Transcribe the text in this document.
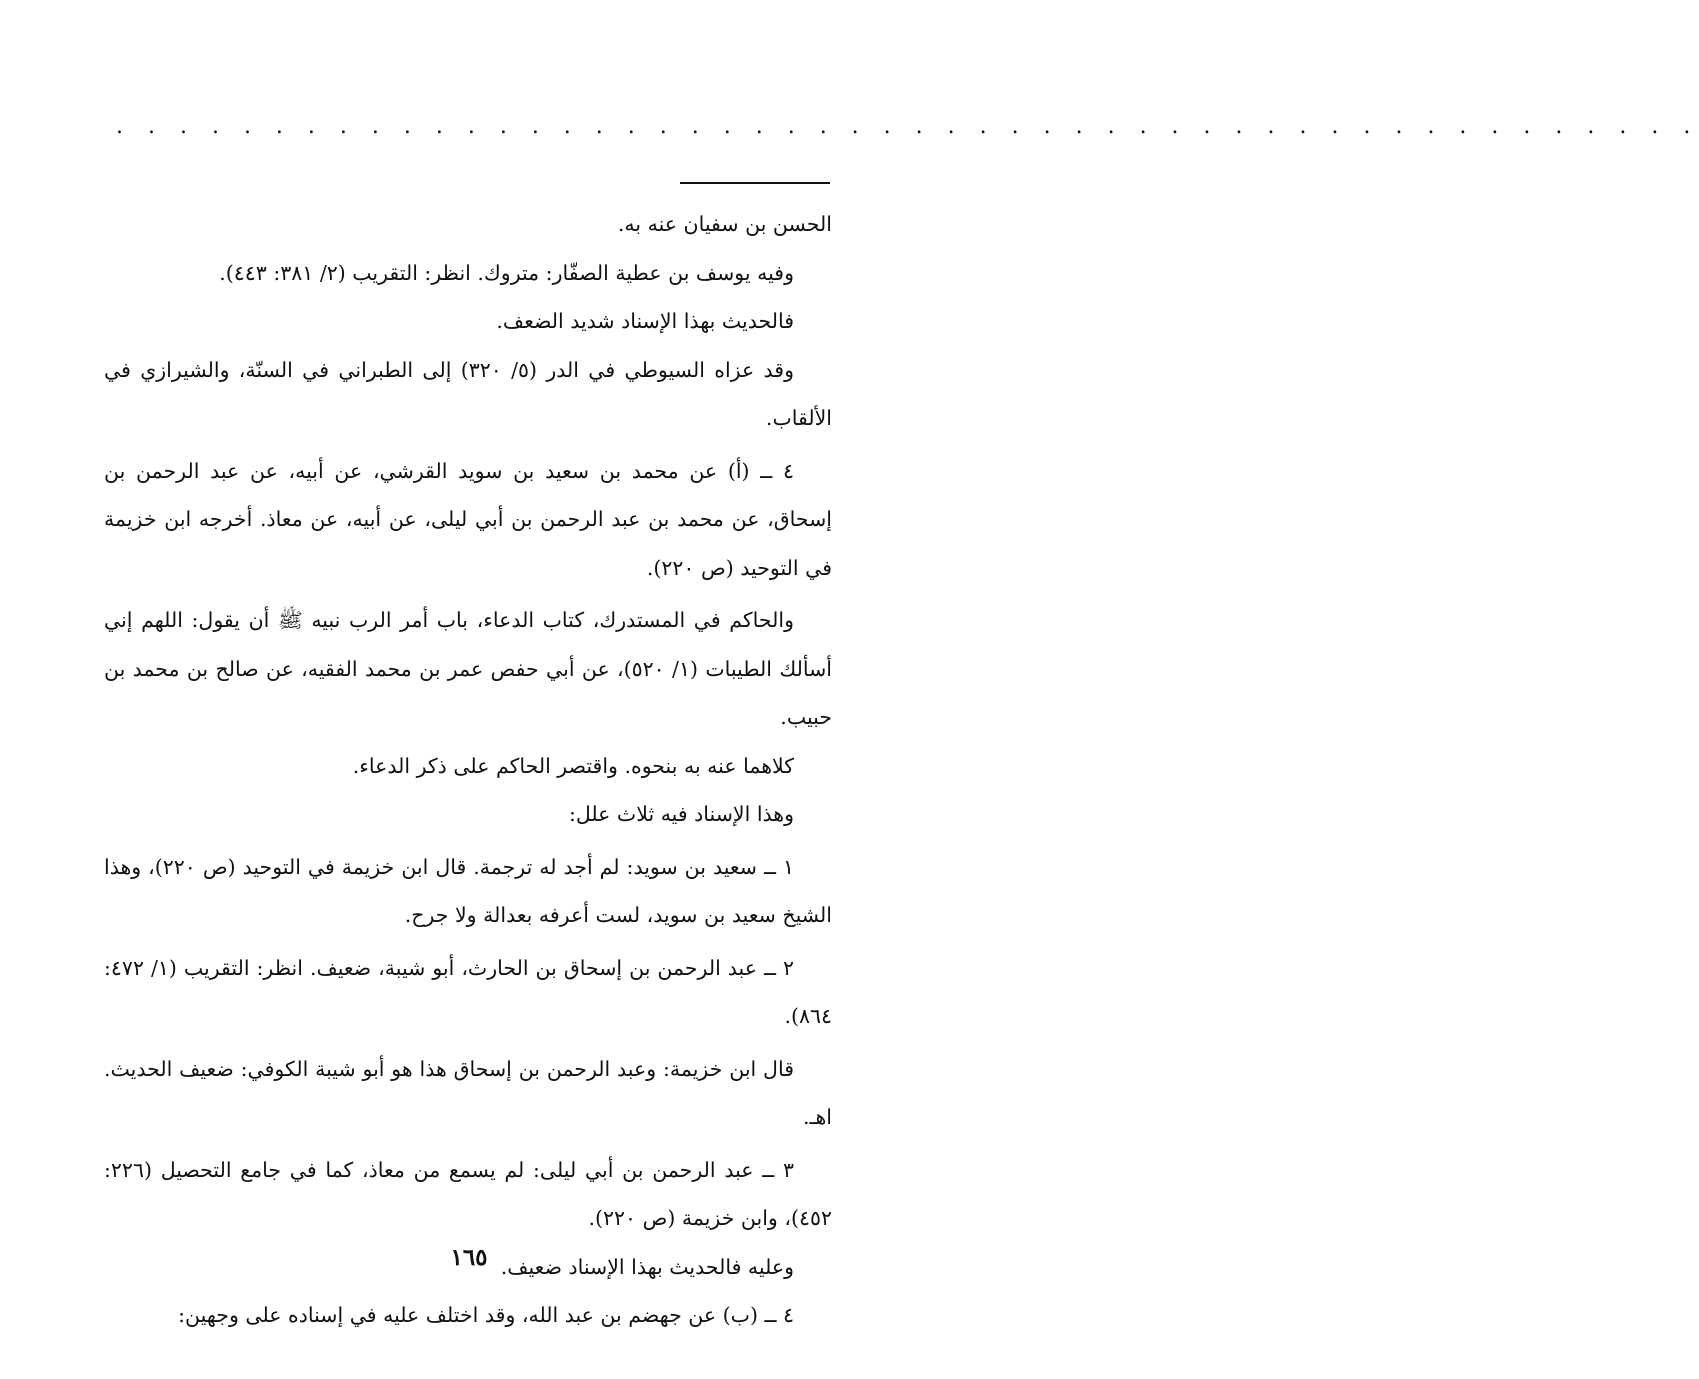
. . . . . . . . . . . . . . . . . . . . . . . . . . . . . . . . . . . . . . . . . . . . . . . . . .

الحسن بن سفيان عنه به.

وفيه يوسف بن عطية الصفّار: متروك. انظر: التقريب (٢/ ٣٨١: ٤٤٣).

فالحديث بهذا الإسناد شديد الضعف.

وقد عزاه السيوطي في الدر (٥/ ٣٢٠) إلى الطبراني في السنّة، والشيرازي في الألقاب.

٤ ــ (أ) عن محمد بن سعيد بن سويد القرشي، عن أبيه، عن عبد الرحمن بن إسحاق، عن محمد بن عبد الرحمن بن أبي ليلى، عن أبيه، عن معاذ. أخرجه ابن خزيمة في التوحيد (ص ٢٢٠).

والحاكم في المستدرك، كتاب الدعاء، باب أمر الرب نبيه ﷺ أن يقول: اللهم إني أسألك الطيبات (١/ ٥٢٠)، عن أبي حفص عمر بن محمد الفقيه، عن صالح بن محمد بن حبيب.

كلاهما عنه به بنحوه. واقتصر الحاكم على ذكر الدعاء.

وهذا الإسناد فيه ثلاث علل:

١ ــ سعيد بن سويد: لم أجد له ترجمة. قال ابن خزيمة في التوحيد (ص ٢٢٠)، وهذا الشيخ سعيد بن سويد، لست أعرفه بعدالة ولا جرح.

٢ ــ عبد الرحمن بن إسحاق بن الحارث، أبو شيبة، ضعيف. انظر: التقريب (١/ ٤٧٢: ٨٦٤).

قال ابن خزيمة: وعبد الرحمن بن إسحاق هذا هو أبو شيبة الكوفي: ضعيف الحديث. اهـ.

٣ ــ عبد الرحمن بن أبي ليلى: لم يسمع من معاذ، كما في جامع التحصيل (٢٢٦: ٤٥٢)، وابن خزيمة (ص ٢٢٠).

وعليه فالحديث بهذا الإسناد ضعيف.

٤ ــ (ب) عن جهضم بن عبد الله، وقد اختلف عليه في إسناده على وجهين:

١٦٥
